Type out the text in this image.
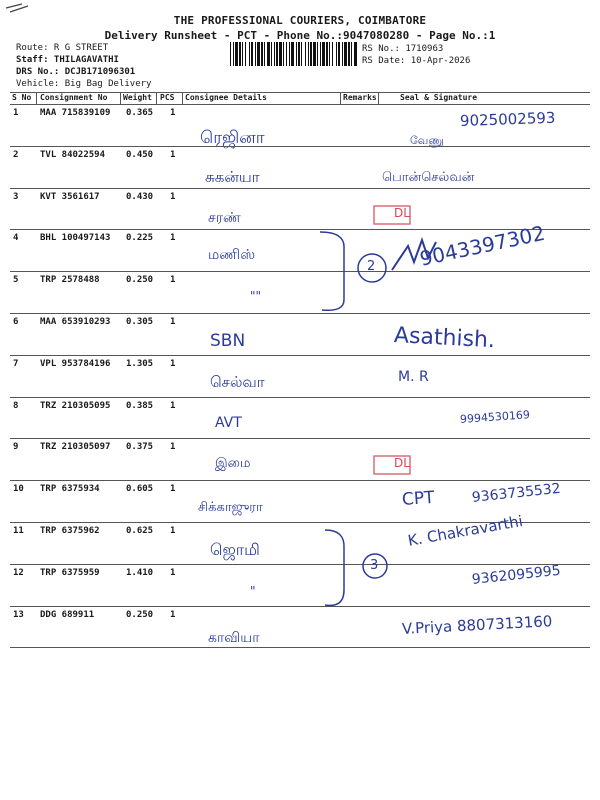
THE PROFESSIONAL COURIERS, COIMBATORE
Delivery Runsheet - PCT - Phone No.:9047080280 - Page No.:1
Route: R G STREET
Staff: THILAGAVATHI
DRS No.: DCJB171096301
Vehicle: Big Bag Delivery
RS No.: 1710963
RS Date: 10-Apr-2026
S No Consignment No Weight PCS Consignee Details	Remarks	Seal & Signature
1 MAA 715839109 0.365 1
ரெஜினா
9025002593
வேணு
2 TVL 84022594 0.450 1
சுகன்யா	பொன்செல்வன்
3 KVT 3561617	0.430 1
சரண்	DL
4 BHL 100497143 0.225 1
மணிஸ்	9043397302
5 TRP 2578488	0.250 1
""
6 MAA 653910293 0.305 1
SBN	Asathish.
7 VPL 953784196 1.305 1
செல்வா	M. R
8 TRZ 210305095 0.385 1
AVT	9994530169
9 TRZ 210305097 0.375 1
இமை	DL
10 TRP 6375934	0.605 1
சிக்காஜுரா	CPT	9363735532
11 TRP 6375962	0.625 1
ஜொமி	K. Chakravarthi
12 TRP 6375959	1.410 1
"
9362095995
13 DDG 689911	0.250 1
காவியா
V.Priya 8807313160
2
3
